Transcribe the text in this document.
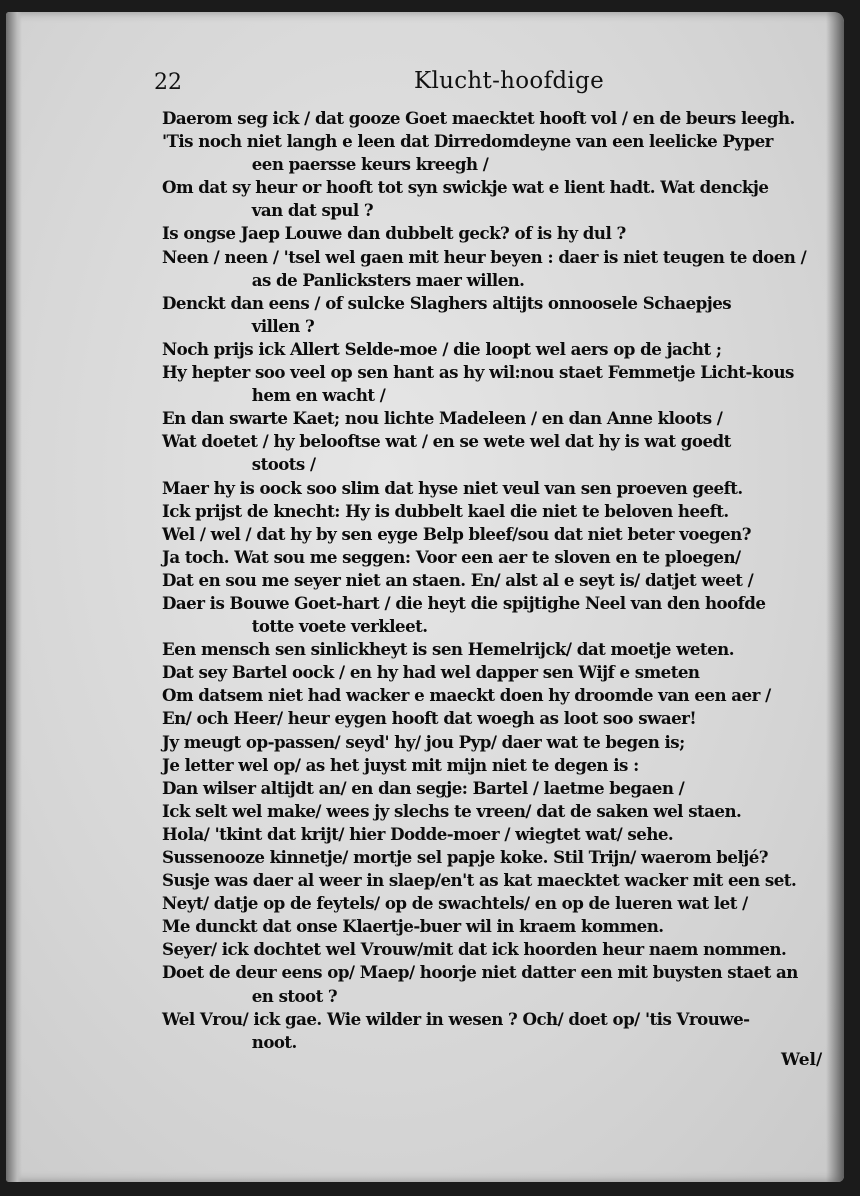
22	Klucht-hoofdige
Daerom seg ick / dat gooze Goet maecktet hooft vol / en de beurs leegh.
'Tis noch niet langh e leen dat Dirredomdeyne van een leelicke Pyper
een paersse keurs kreegh /
Om dat sy heur or hooft tot syn swickje wat e lient hadt. Wat denckje
van dat spul ?
Is ongse Jaep Louwe dan dubbelt geck? of is hy dul ?
Neen / neen / 'tsel wel gaen mit heur beyen : daer is niet teugen te doen /
as de Panlicksters maer willen.
Denckt dan eens / of sulcke Slaghers altijts onnoosele Schaepjes
villen ?
Noch prijs ick Allert Selde-moe / die loopt wel aers op de jacht ;
Hy hepter soo veel op sen hant as hy wil:nou staet Femmetje Licht-kous
hem en wacht /
En dan swarte Kaet; nou lichte Madeleen / en dan Anne kloots /
Wat doetet / hy belooftse wat / en se wete wel dat hy is wat goedt
stoots /
Maer hy is oock soo slim dat hyse niet veul van sen proeven geeft.
Ick prijst de knecht: Hy is dubbelt kael die niet te beloven heeft.
Wel / wel / dat hy by sen eyge Belp bleef/sou dat niet beter voegen?
Ja toch. Wat sou me seggen: Voor een aer te sloven en te ploegen/
Dat en sou me seyer niet an staen. En/ alst al e seyt is/ datjet weet /
Daer is Bouwe Goet-hart / die heyt die spijtighe Neel van den hoofde
totte voete verkleet.
Een mensch sen sinlickheyt is sen Hemelrijck/ dat moetje weten.
Dat sey Bartel oock / en hy had wel dapper sen Wijf e smeten
Om datsem niet had wacker e maeckt doen hy droomde van een aer /
En/ och Heer/ heur eygen hooft dat woegh as loot soo swaer!
Jy meugt op-passen/ seyd' hy/ jou Pyp/ daer wat te begen is;
Je letter wel op/ as het juyst mit mijn niet te degen is :
Dan wilser altijdt an/ en dan segje: Bartel / laetme begaen /
Ick selt wel make/ wees jy slechs te vreen/ dat de saken wel staen.
Hola/ 'tkint dat krijt/ hier Dodde-moer / wiegtet wat/ sehe.
Sussenooze kinnetje/ mortje sel papje koke. Stil Trijn/ waerom beljé?
Susje was daer al weer in slaep/en't as kat maecktet wacker mit een set.
Neyt/ datje op de feytels/ op de swachtels/ en op de lueren wat let /
Me dunckt dat onse Klaertje-buer wil in kraem kommen.
Seyer/ ick dochtet wel Vrouw/mit dat ick hoorden heur naem nommen.
Doet de deur eens op/ Maep/ hoorje niet datter een mit buysten staet an
en stoot ?
Wel Vrou/ ick gae. Wie wilder in wesen ? Och/ doet op/ 'tis Vrouwe-
noot.
Wel/
